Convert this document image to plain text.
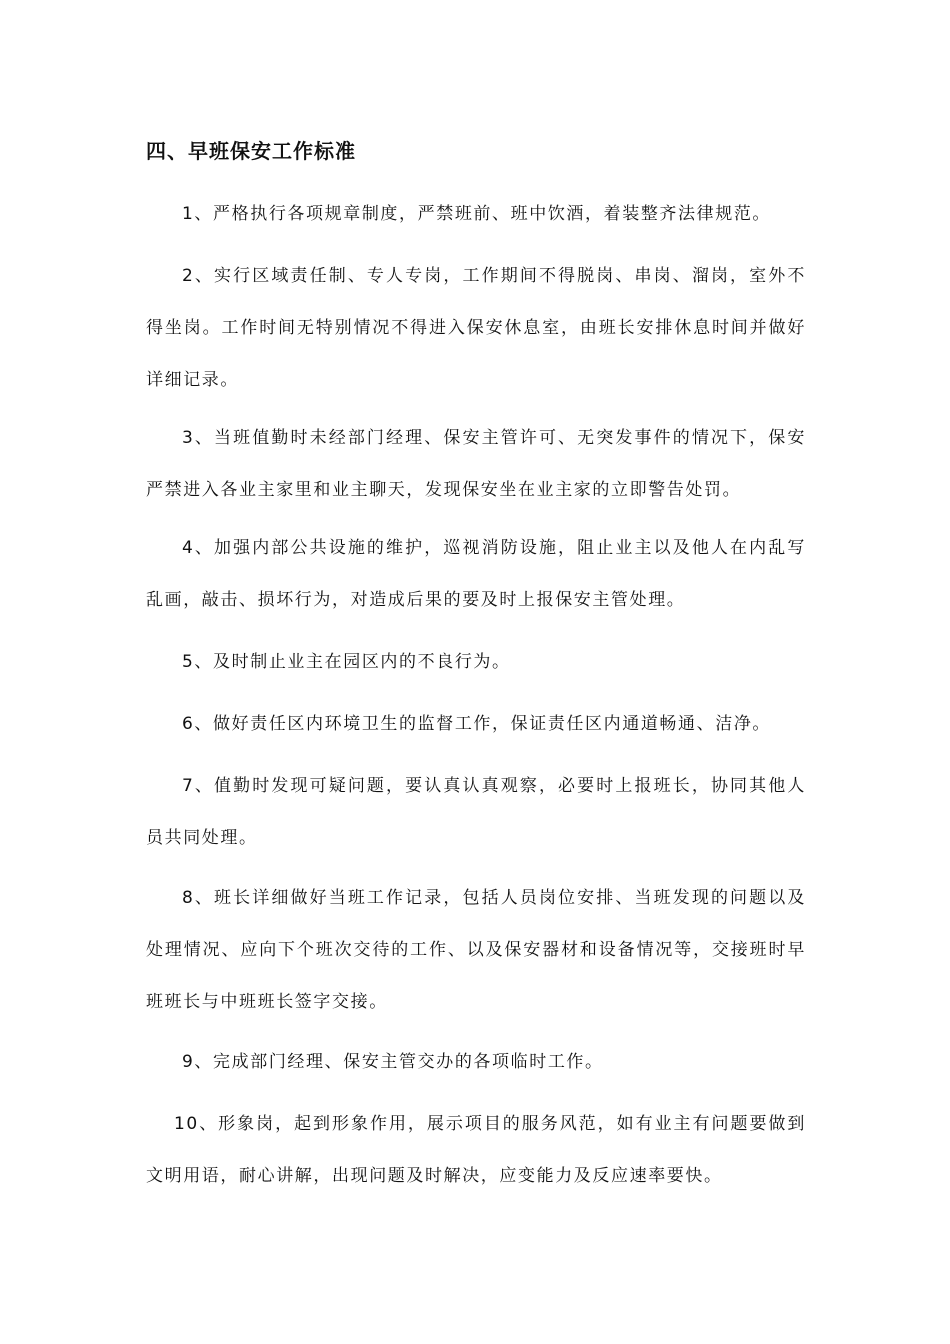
四、早班保安工作标准

1、严格执行各项规章制度，严禁班前、班中饮酒，着装整齐法律规范。

2、实行区域责任制、专人专岗，工作期间不得脱岗、串岗、溜岗，室外不得坐岗。工作时间无特别情况不得进入保安休息室，由班长安排休息时间并做好详细记录。

3、当班值勤时未经部门经理、保安主管许可、无突发事件的情况下，保安严禁进入各业主家里和业主聊天，发现保安坐在业主家的立即警告处罚。

4、加强内部公共设施的维护，巡视消防设施，阻止业主以及他人在内乱写乱画，敲击、损坏行为，对造成后果的要及时上报保安主管处理。

5、及时制止业主在园区内的不良行为。

6、做好责任区内环境卫生的监督工作，保证责任区内通道畅通、洁净。

7、值勤时发现可疑问题，要认真认真观察，必要时上报班长，协同其他人员共同处理。

8、班长详细做好当班工作记录，包括人员岗位安排、当班发现的问题以及处理情况、应向下个班次交待的工作、以及保安器材和设备情况等，交接班时早班班长与中班班长签字交接。

9、完成部门经理、保安主管交办的各项临时工作。

10、形象岗，起到形象作用，展示项目的服务风范，如有业主有问题要做到文明用语，耐心讲解，出现问题及时解决，应变能力及反应速率要快。
